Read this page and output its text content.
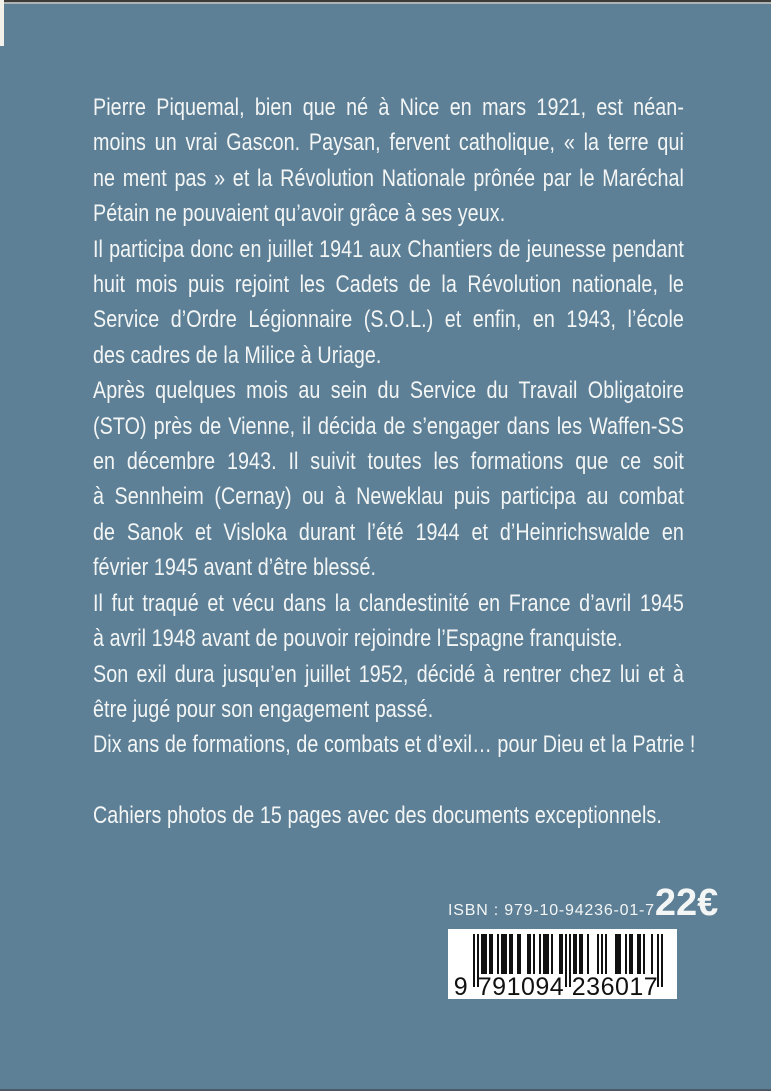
Pierre Piquemal, bien que né à Nice en mars 1921, est néan-
moins un vrai Gascon. Paysan, fervent catholique, « la terre qui
ne ment pas » et la Révolution Nationale prônée par le Maréchal
Pétain ne pouvaient qu’avoir grâce à ses yeux.
Il participa donc en juillet 1941 aux Chantiers de jeunesse pendant
huit mois puis rejoint les Cadets de la Révolution nationale, le
Service d’Ordre Légionnaire (S.O.L.) et enfin, en 1943, l’école
des cadres de la Milice à Uriage.
Après quelques mois au sein du Service du Travail Obligatoire
(STO) près de Vienne, il décida de s’engager dans les Waffen-SS
en décembre 1943. Il suivit toutes les formations que ce soit
à Sennheim (Cernay) ou à Neweklau puis participa au combat
de Sanok et Visloka durant l’été 1944 et d’Heinrichswalde en
février 1945 avant d’être blessé.
Il fut traqué et vécu dans la clandestinité en France d’avril 1945
à avril 1948 avant de pouvoir rejoindre l’Espagne franquiste.
Son exil dura jusqu’en juillet 1952, décidé à rentrer chez lui et à
être jugé pour son engagement passé.
Dix ans de formations, de combats et d’exil… pour Dieu et la Patrie !
Cahiers photos de 15 pages avec des documents exceptionnels.
ISBN : 979-10-94236-01-7 22€
9 791094 236017
